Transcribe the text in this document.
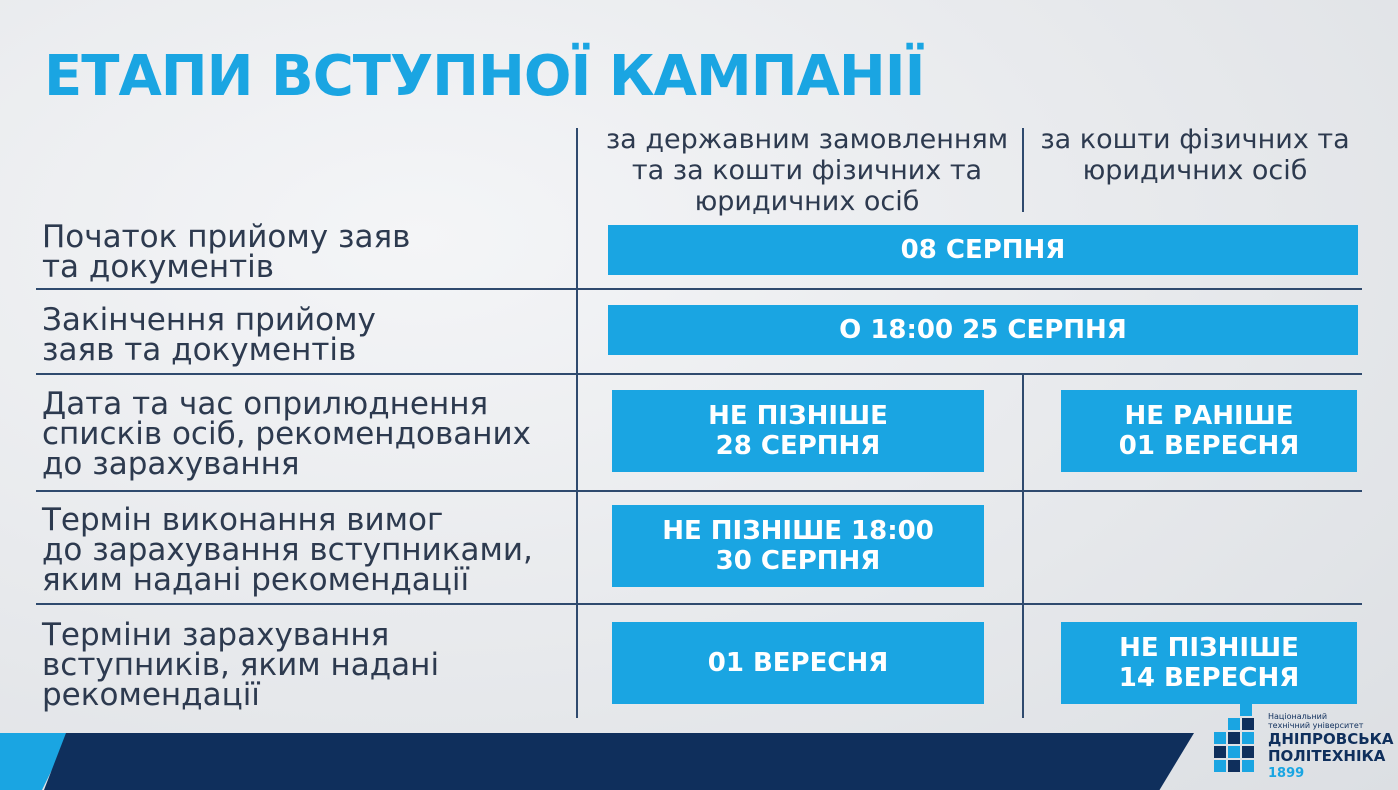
ЕТАПИ ВСТУПНОЇ КАМПАНІЇ
за державним замовленням
та за кошти фізичних та
юридичних осіб
за кошти фізичних та
юридичних осіб
Початок прийому заяв
та документів
Закінчення прийому
заяв та документів
Дата та час оприлюднення
списків осіб, рекомендованих
до зарахування
Термін виконання вимог
до зарахування вступниками,
яким надані рекомендації
Терміни зарахування
вступників, яким надані
рекомендації
08 СЕРПНЯ
О 18:00 25 СЕРПНЯ
НЕ ПІЗНІШЕ
28 СЕРПНЯ
НЕ РАНІШЕ
01 ВЕРЕСНЯ
НЕ ПІЗНІШЕ 18:00
30 СЕРПНЯ
01 ВЕРЕСНЯ	НЕ ПІЗНІШЕ
14 ВЕРЕСНЯ
Національний
технічний університет
ДНІПРОВСЬКА
ПОЛІТЕХНІКА
1899
